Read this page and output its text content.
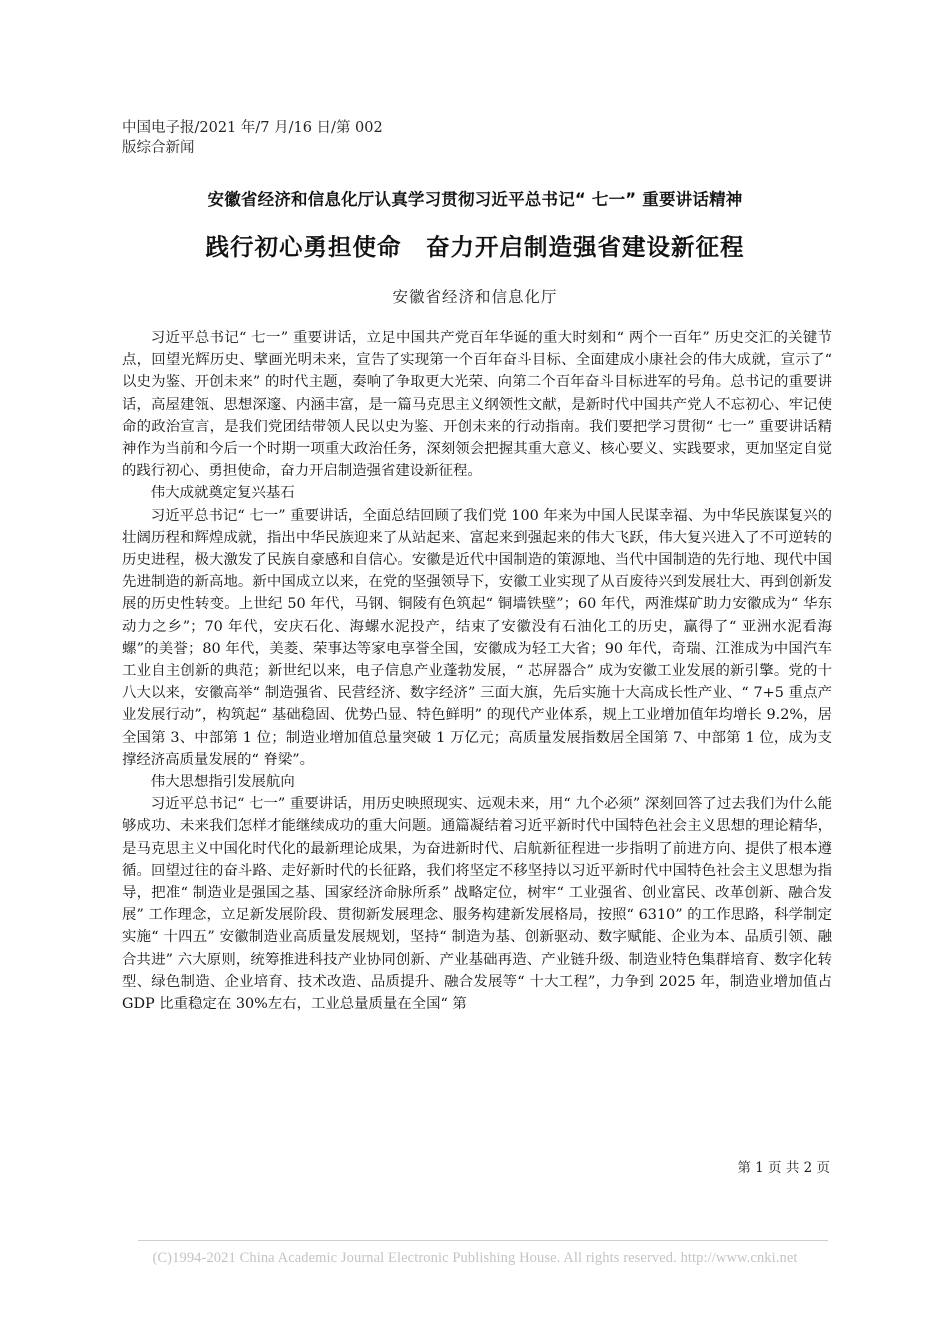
中国电子报/2021 年/7 月/16 日/第 002
版综合新闻
安徽省经济和信息化厅认真学习贯彻习近平总书记“ 七一” 重要讲话精神
践行初心勇担使命　奋力开启制造强省建设新征程
安徽省经济和信息化厅

习近平总书记“ 七一” 重要讲话，立足中国共产党百年华诞的重大时刻和“ 两个一百年” 历史交汇的关键节点，回望光辉历史、擘画光明未来，宣告了实现第一个百年奋斗目标、全面建成小康社会的伟大成就，宣示了“ 以史为鉴、开创未来” 的时代主题，奏响了争取更大光荣、向第二个百年奋斗目标进军的号角。总书记的重要讲话，高屋建瓴、思想深邃、内涵丰富，是一篇马克思主义纲领性文献，是新时代中国共产党人不忘初心、牢记使命的政治宣言，是我们党团结带领人民以史为鉴、开创未来的行动指南。我们要把学习贯彻“ 七一” 重要讲话精神作为当前和今后一个时期一项重大政治任务，深刻领会把握其重大意义、核心要义、实践要求，更加坚定自觉的践行初心、勇担使命，奋力开启制造强省建设新征程。

伟大成就奠定复兴基石

习近平总书记“ 七一” 重要讲话，全面总结回顾了我们党 100 年来为中国人民谋幸福、为中华民族谋复兴的壮阔历程和辉煌成就，指出中华民族迎来了从站起来、富起来到强起来的伟大飞跃，伟大复兴进入了不可逆转的历史进程，极大激发了民族自豪感和自信心。安徽是近代中国制造的策源地、当代中国制造的先行地、现代中国先进制造的新高地。新中国成立以来，在党的坚强领导下，安徽工业实现了从百废待兴到发展壮大、再到创新发展的历史性转变。上世纪 50 年代，马钢、铜陵有色筑起“ 铜墙铁壁”；60 年代，两淮煤矿助力安徽成为“ 华东动力之乡”；70 年代，安庆石化、海螺水泥投产，结束了安徽没有石油化工的历史，赢得了“ 亚洲水泥看海螺”的美誉；80 年代，美菱、荣事达等家电享誉全国，安徽成为轻工大省；90 年代，奇瑞、江淮成为中国汽车工业自主创新的典范；新世纪以来，电子信息产业蓬勃发展，“ 芯屏器合” 成为安徽工业发展的新引擎。党的十八大以来，安徽高举“ 制造强省、民营经济、数字经济” 三面大旗，先后实施十大高成长性产业、“ 7+5 重点产业发展行动”，构筑起“ 基础稳固、优势凸显、特色鲜明” 的现代产业体系，规上工业增加值年均增长 9.2%，居全国第 3、中部第 1 位；制造业增加值总量突破 1 万亿元；高质量发展指数居全国第 7、中部第 1 位，成为支撑经济高质量发展的“ 脊梁”。

伟大思想指引发展航向

习近平总书记“ 七一” 重要讲话，用历史映照现实、远观未来，用“ 九个必须” 深刻回答了过去我们为什么能够成功、未来我们怎样才能继续成功的重大问题。通篇凝结着习近平新时代中国特色社会主义思想的理论精华，是马克思主义中国化时代化的最新理论成果，为奋进新时代、启航新征程进一步指明了前进方向、提供了根本遵循。回望过往的奋斗路、走好新时代的长征路，我们将坚定不移坚持以习近平新时代中国特色社会主义思想为指导，把准“ 制造业是强国之基、国家经济命脉所系” 战略定位，树牢“ 工业强省、创业富民、改革创新、融合发展” 工作理念，立足新发展阶段、贯彻新发展理念、服务构建新发展格局，按照“ 6310” 的工作思路，科学制定实施“ 十四五” 安徽制造业高质量发展规划，坚持“ 制造为基、创新驱动、数字赋能、企业为本、品质引领、融合共进” 六大原则，统筹推进科技产业协同创新、产业基础再造、产业链升级、制造业特色集群培育、数字化转型、绿色制造、企业培育、技术改造、品质提升、融合发展等“ 十大工程”，力争到 2025 年，制造业增加值占 GDP 比重稳定在 30%左右，工业总量质量在全国“ 第

第 1 页 共 2 页
(C)1994-2021 China Academic Journal Electronic Publishing House. All rights reserved. http://www.cnki.net
